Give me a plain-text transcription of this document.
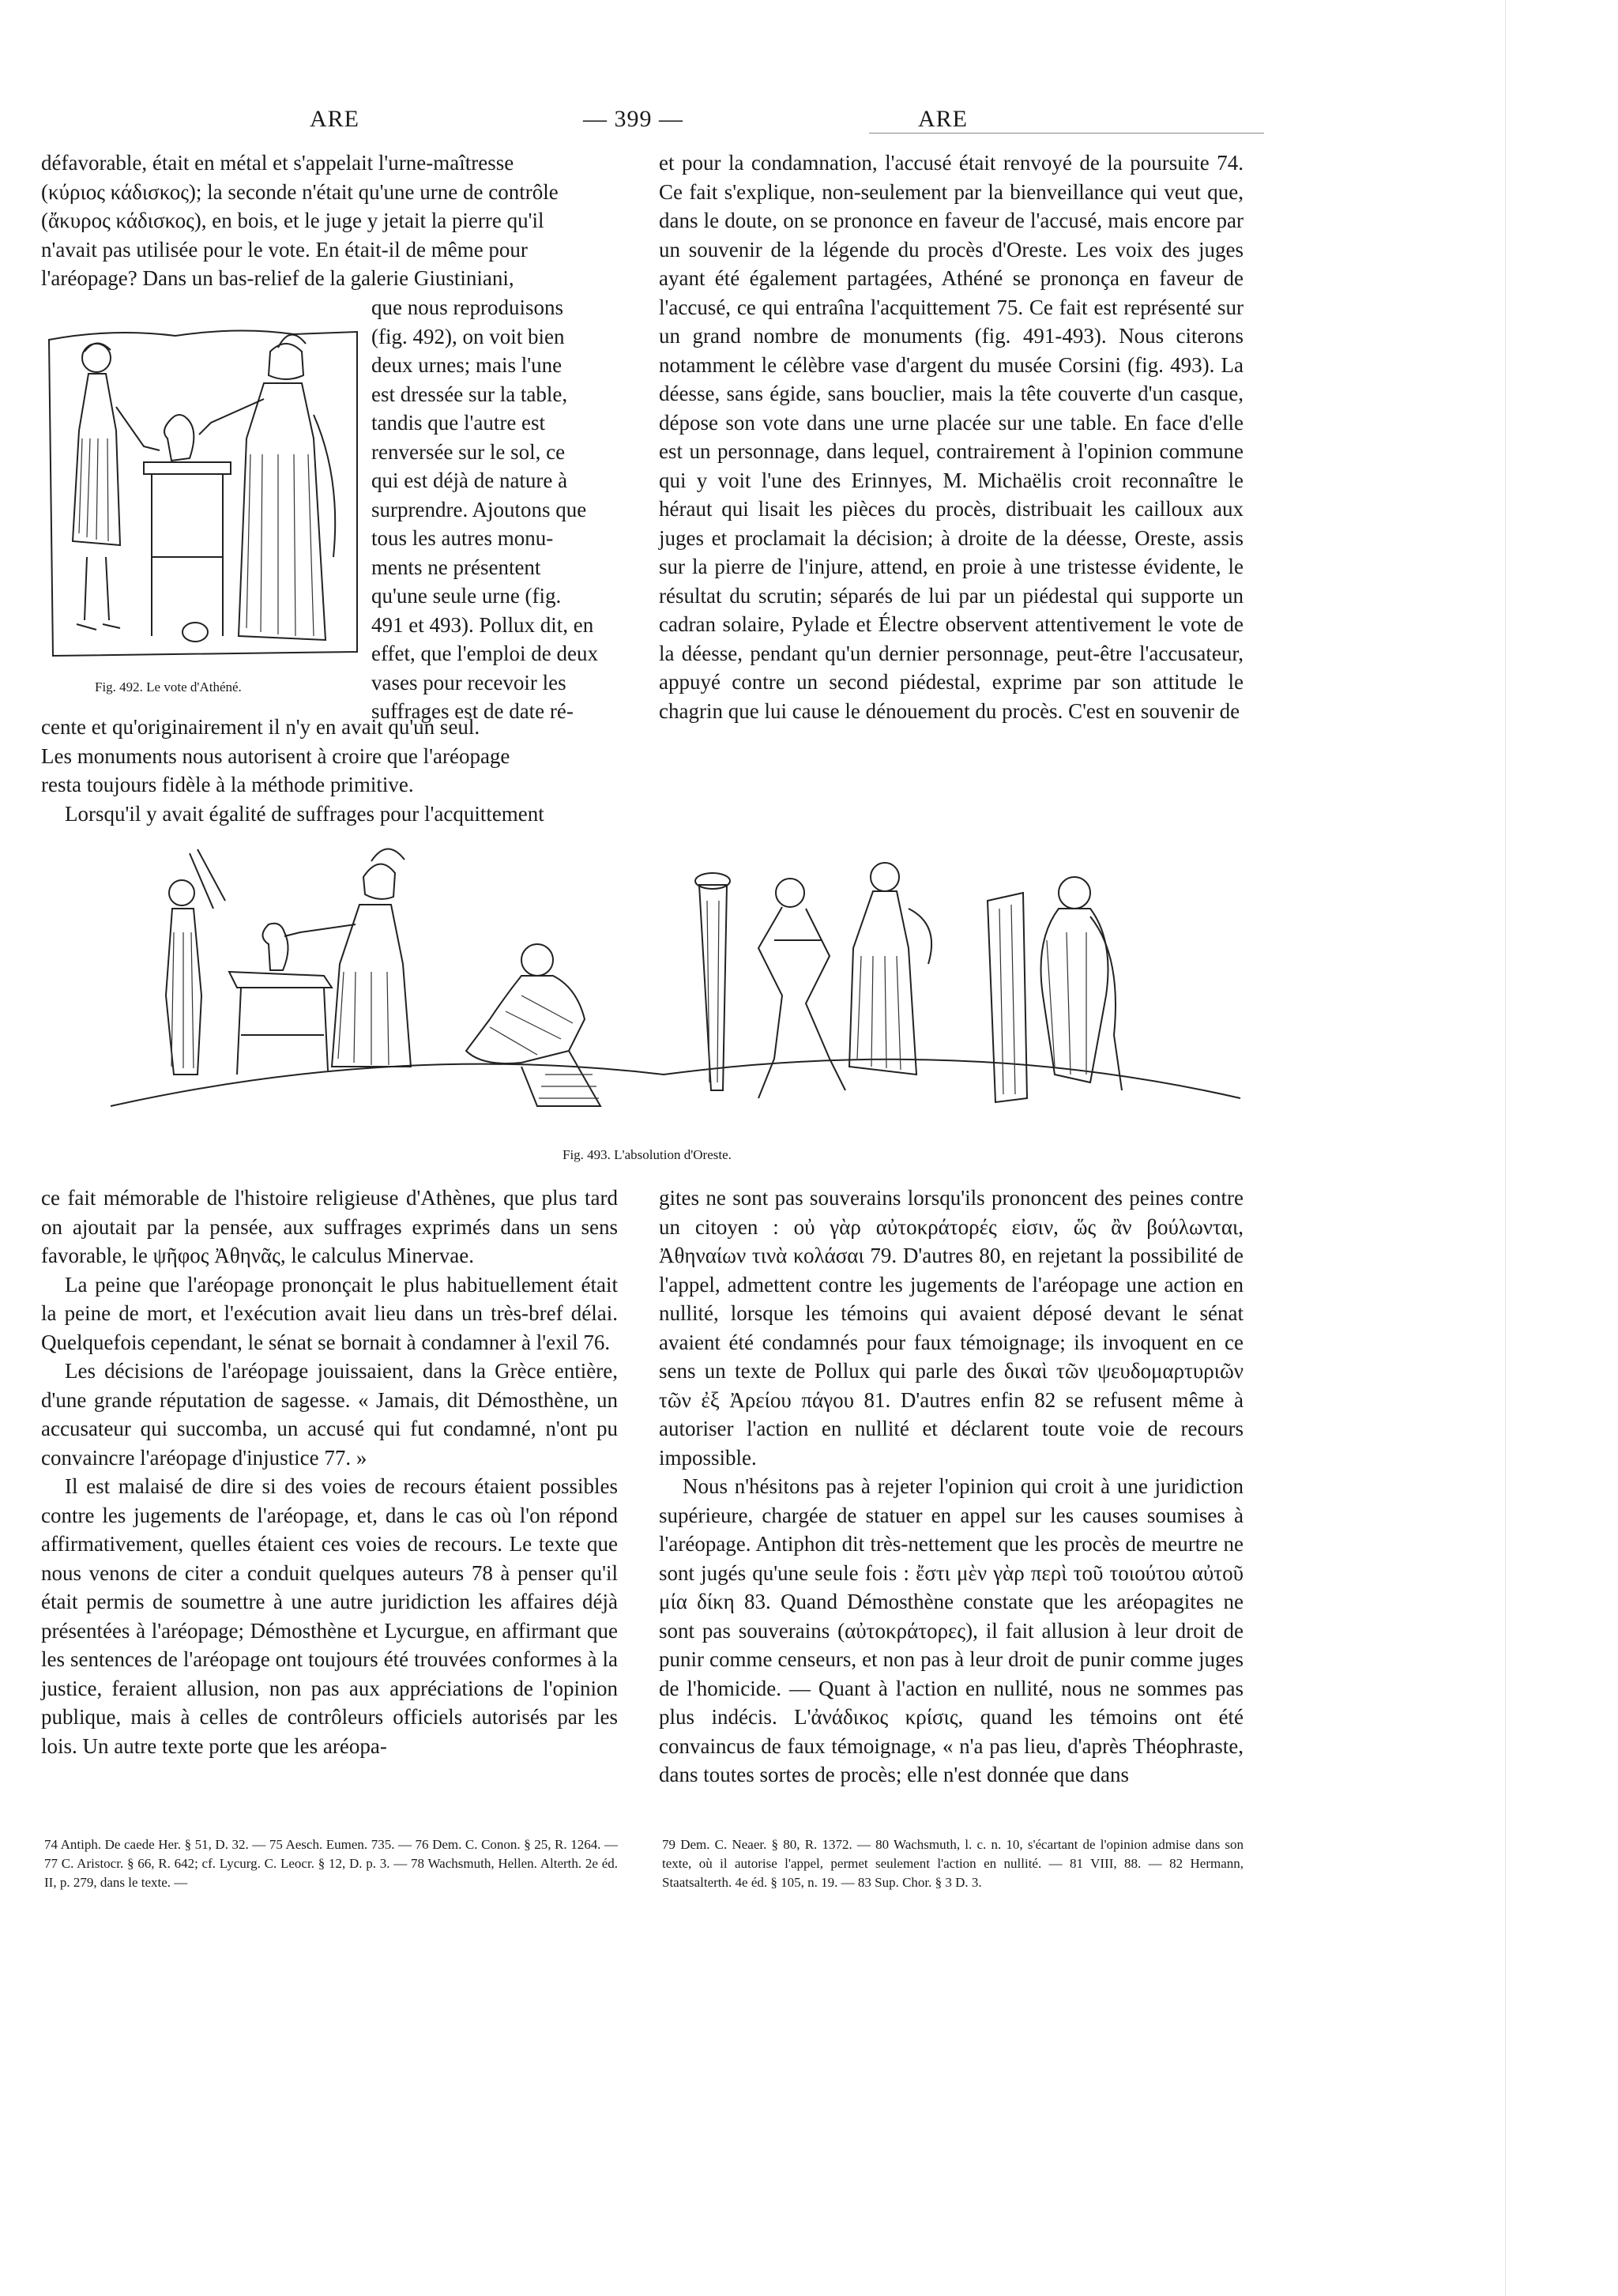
ARE	— 399 —	ARE
défavorable, était en métal et s'appelait l'urne-maîtresse
(κύριος κάδισκος); la seconde n'était qu'une urne de contrôle
(ἄκυρος κάδισκος), en bois, et le juge y jetait la pierre qu'il
n'avait pas utilisée pour le vote. En était-il de même pour
l'aréopage? Dans un bas-relief de la galerie Giustiniani,
Fig. 492. Le vote d'Athéné.
que nous reproduisons
(fig. 492), on voit bien
deux urnes; mais l'une
est dressée sur la table,
tandis que l'autre est
renversée sur le sol, ce
qui est déjà de nature à
surprendre. Ajoutons que
tous les autres monu-
ments ne présentent
qu'une seule urne (fig.
491 et 493). Pollux dit, en
effet, que l'emploi de deux
vases pour recevoir les
suffrages est de date ré-
cente et qu'originairement il n'y en avait qu'un seul.
Les monuments nous autorisent à croire que l'aréopage
resta toujours fidèle à la méthode primitive.
Lorsqu'il y avait égalité de suffrages pour l'acquittement

et pour la condamnation, l'accusé était renvoyé de la poursuite 74. Ce fait s'explique, non-seulement par la bienveillance qui veut que, dans le doute, on se prononce en faveur de l'accusé, mais encore par un souvenir de la légende du procès d'Oreste. Les voix des juges ayant été également partagées, Athéné se prononça en faveur de l'accusé, ce qui entraîna l'acquittement 75. Ce fait est représenté sur un grand nombre de monuments (fig. 491-493). Nous citerons notamment le célèbre vase d'argent du musée Corsini (fig. 493). La déesse, sans égide, sans bouclier, mais la tête couverte d'un casque, dépose son vote dans une urne placée sur une table. En face d'elle est un personnage, dans lequel, contrairement à l'opinion commune qui y voit l'une des Erinnyes, M. Michaëlis croit reconnaître le héraut qui lisait les pièces du procès, distribuait les cailloux aux juges et proclamait la décision; à droite de la déesse, Oreste, assis sur la pierre de l'injure, attend, en proie à une tristesse évidente, le résultat du scrutin; séparés de lui par un piédestal qui supporte un cadran solaire, Pylade et Électre observent attentivement le vote de la déesse, pendant qu'un dernier personnage, peut-être l'accusateur, appuyé contre un second piédestal, exprime par son attitude le chagrin que lui cause le dénouement du procès. C'est en souvenir de

Fig. 493. L'absolution d'Oreste.

ce fait mémorable de l'histoire religieuse d'Athènes, que plus tard on ajoutait par la pensée, aux suffrages exprimés dans un sens favorable, le ψῆφος Ἀθηνᾶς, le calculus Minervae.

La peine que l'aréopage prononçait le plus habituellement était la peine de mort, et l'exécution avait lieu dans un très-bref délai. Quelquefois cependant, le sénat se bornait à condamner à l'exil 76.

Les décisions de l'aréopage jouissaient, dans la Grèce entière, d'une grande réputation de sagesse. « Jamais, dit Démosthène, un accusateur qui succomba, un accusé qui fut condamné, n'ont pu convaincre l'aréopage d'injustice 77. »

Il est malaisé de dire si des voies de recours étaient possibles contre les jugements de l'aréopage, et, dans le cas où l'on répond affirmativement, quelles étaient ces voies de recours. Le texte que nous venons de citer a conduit quelques auteurs 78 à penser qu'il était permis de soumettre à une autre juridiction les affaires déjà présentées à l'aréopage; Démosthène et Lycurgue, en affirmant que les sentences de l'aréopage ont toujours été trouvées conformes à la justice, feraient allusion, non pas aux appréciations de l'opinion publique, mais à celles de contrôleurs officiels autorisés par les lois. Un autre texte porte que les aréopa-

gites ne sont pas souverains lorsqu'ils prononcent des peines contre un citoyen : οὐ γὰρ αὐτοκράτορές εἰσιν, ὥς ἂν βούλωνται, Ἀθηναίων τινὰ κολάσαι 79. D'autres 80, en rejetant la possibilité de l'appel, admettent contre les jugements de l'aréopage une action en nullité, lorsque les témoins qui avaient déposé devant le sénat avaient été condamnés pour faux témoignage; ils invoquent en ce sens un texte de Pollux qui parle des δικαὶ τῶν ψευδομαρτυριῶν τῶν ἐξ Ἀρείου πάγου 81. D'autres enfin 82 se refusent même à autoriser l'action en nullité et déclarent toute voie de recours impossible.

Nous n'hésitons pas à rejeter l'opinion qui croit à une juridiction supérieure, chargée de statuer en appel sur les causes soumises à l'aréopage. Antiphon dit très-nettement que les procès de meurtre ne sont jugés qu'une seule fois : ἔστι μὲν γὰρ περὶ τοῦ τοιούτου αὐτοῦ μία δίκη 83. Quand Démosthène constate que les aréopagites ne sont pas souverains (αὐτοκράτορες), il fait allusion à leur droit de punir comme censeurs, et non pas à leur droit de punir comme juges de l'homicide. — Quant à l'action en nullité, nous ne sommes pas plus indécis. L'ἀνάδικος κρίσις, quand les témoins ont été convaincus de faux témoignage, « n'a pas lieu, d'après Théophraste, dans toutes sortes de procès; elle n'est donnée que dans

74 Antiph. De caede Her. § 51, D. 32. — 75 Aesch. Eumen. 735. — 76 Dem. C. Conon. § 25, R. 1264. — 77 C. Aristocr. § 66, R. 642; cf. Lycurg. C. Leocr. § 12, D. p. 3. — 78 Wachsmuth, Hellen. Alterth. 2e éd. II, p. 279, dans le texte. —

79 Dem. C. Neaer. § 80, R. 1372. — 80 Wachsmuth, l. c. n. 10, s'écartant de l'opinion admise dans son texte, où il autorise l'appel, permet seulement l'action en nullité. — 81 VIII, 88. — 82 Hermann, Staatsalterth. 4e éd. § 105, n. 19. — 83 Sup. Chor. § 3 D. 3.
